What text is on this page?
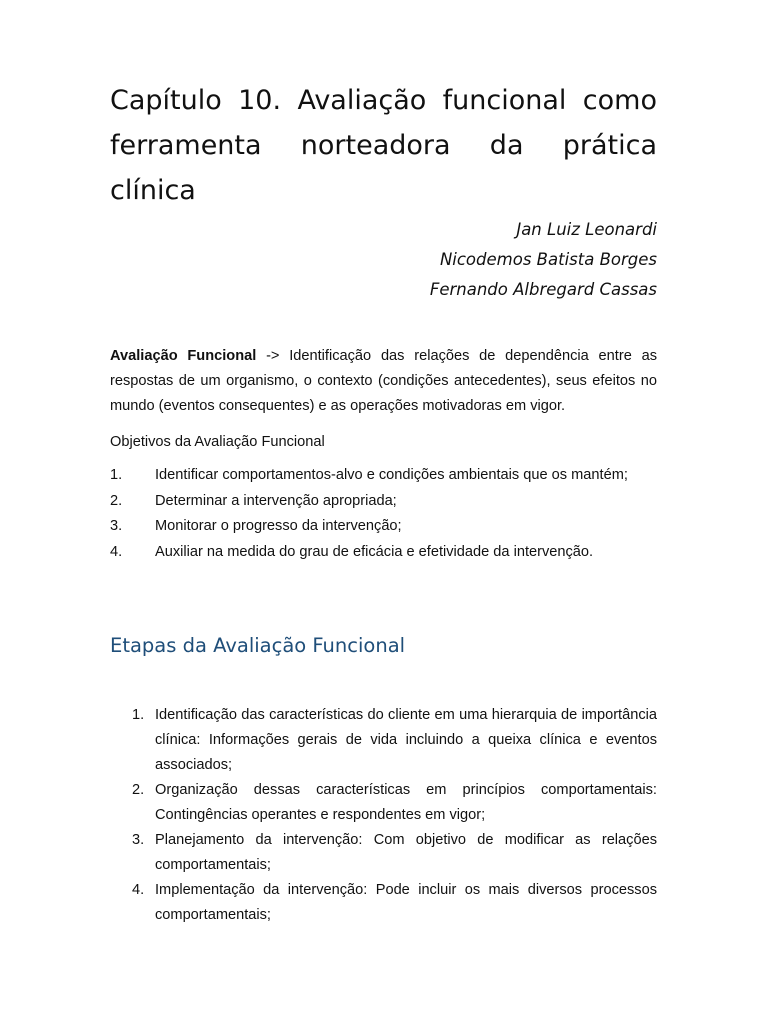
Capítulo 10. Avaliação funcional como ferramenta norteadora da prática clínica
Jan Luiz Leonardi
Nicodemos Batista Borges
Fernando Albregard Cassas

Avaliação Funcional -> Identificação das relações de dependência entre as respostas de um organismo, o contexto (condições antecedentes), seus efeitos no mundo (eventos consequentes) e as operações motivadoras em vigor.

Objetivos da Avaliação Funcional
1. Identificar comportamentos-alvo e condições ambientais que os mantém;
2. Determinar a intervenção apropriada;
3. Monitorar o progresso da intervenção;
4. Auxiliar na medida do grau de eficácia e efetividade da intervenção.
Etapas da Avaliação Funcional
1. Identificação das características do cliente em uma hierarquia de importância clínica: Informações gerais de vida incluindo a queixa clínica e eventos associados;
2. Organização dessas características em princípios comportamentais: Contingências operantes e respondentes em vigor;
3. Planejamento da intervenção: Com objetivo de modificar as relações comportamentais;
4. Implementação da intervenção: Pode incluir os mais diversos processos comportamentais;
